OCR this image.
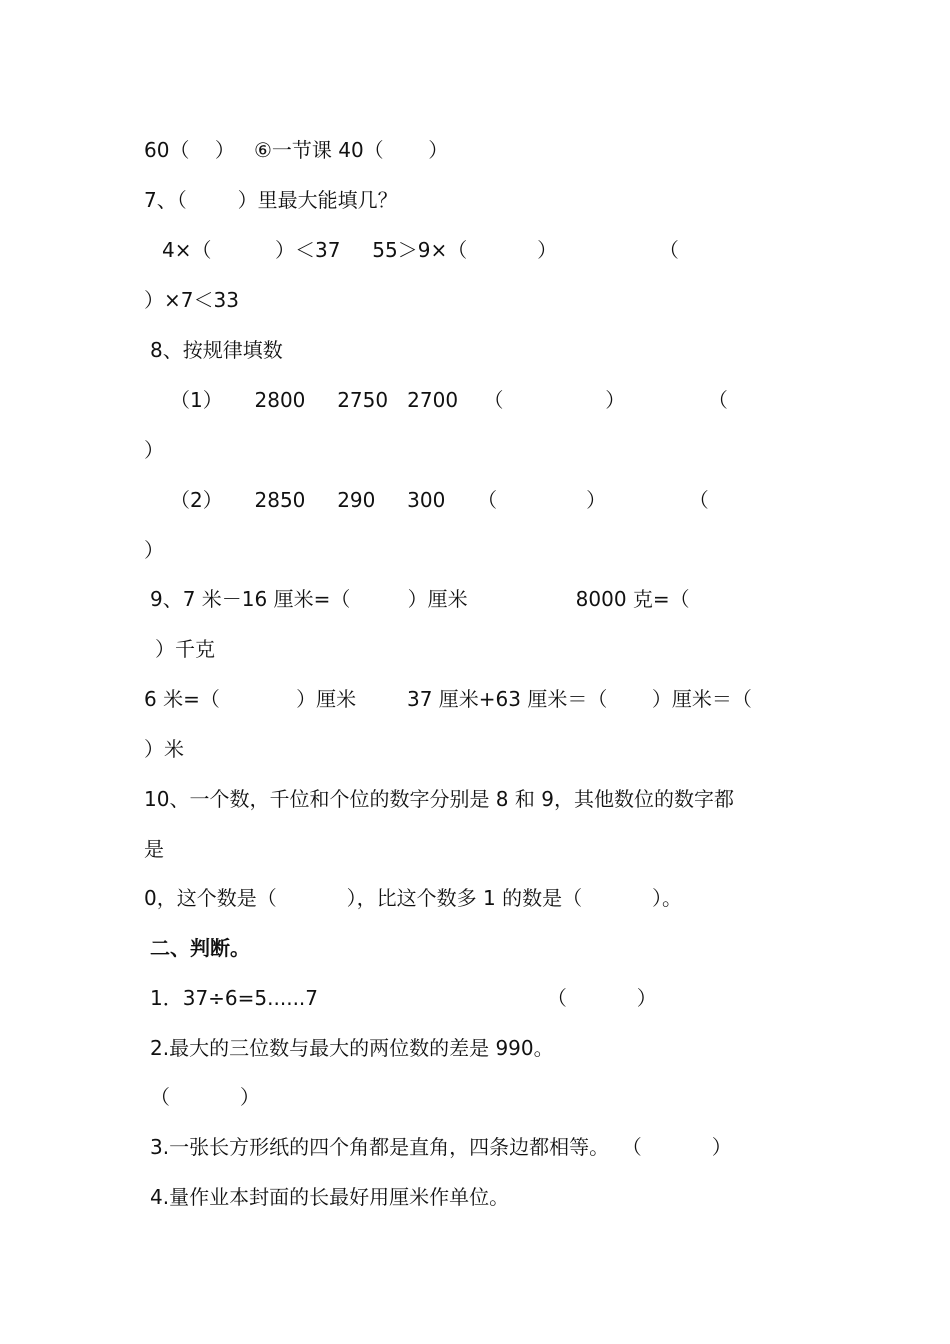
60（    ）   ⑥一节课 40（       ）

7、（        ）里最大能填几？

4×（          ）＜37     55＞9×（           ）                （

）×7＜33

8、按规律填数

（1）     2800     2750   2700    （                ）             （

）

（2）     2850     290     300     （              ）             （

）

9、7 米－16 厘米=（         ）厘米                 8000 克=（

）千克

6 米=（            ）厘米        37 厘米+63 厘米＝（       ）厘米＝（

）米

10、一个数，千位和个位的数字分别是 8 和 9，其他数位的数字都

是

0，这个数是（           ），比这个数多 1 的数是（           ）。

二、判断。

1．37÷6=5......7                                    （           ）

2.最大的三位数与最大的两位数的差是 990。

（           ）

3.一张长方形纸的四个角都是直角，四条边都相等。  （           ）

4.量作业本封面的长最好用厘米作单位。
